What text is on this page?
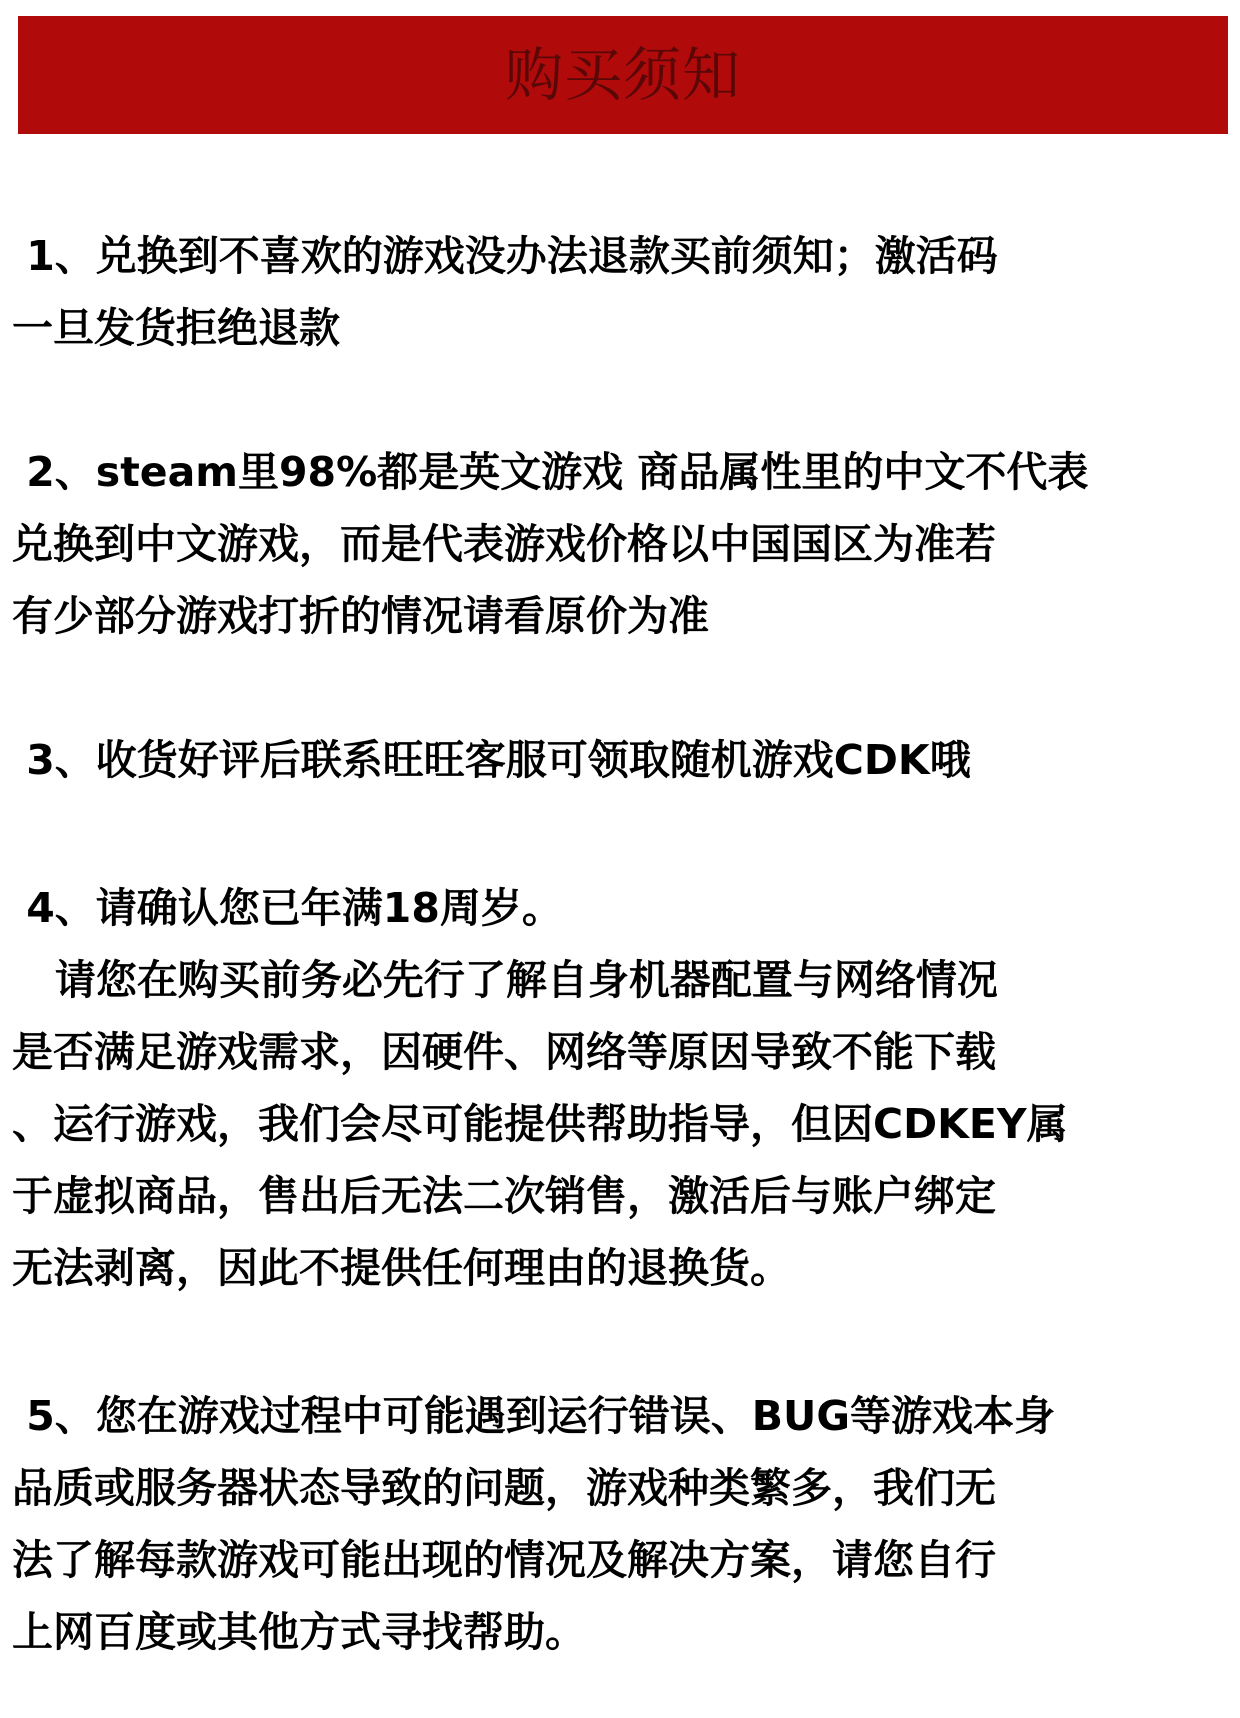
购买须知

1、兑换到不喜欢的游戏没办法退款买前须知；激活码
一旦发货拒绝退款

2、steam里98%都是英文游戏 商品属性里的中文不代表
兑换到中文游戏，而是代表游戏价格以中国国区为准若
有少部分游戏打折的情况请看原价为准

3、收货好评后联系旺旺客服可领取随机游戏CDK哦

4、请确认您已年满18周岁。
请您在购买前务必先行了解自身机器配置与网络情况
是否满足游戏需求，因硬件、网络等原因导致不能下载
、运行游戏，我们会尽可能提供帮助指导，但因CDKEY属
于虚拟商品，售出后无法二次销售，激活后与账户绑定
无法剥离，因此不提供任何理由的退换货。

5、您在游戏过程中可能遇到运行错误、BUG等游戏本身
品质或服务器状态导致的问题，游戏种类繁多，我们无
法了解每款游戏可能出现的情况及解决方案，请您自行
上网百度或其他方式寻找帮助。
